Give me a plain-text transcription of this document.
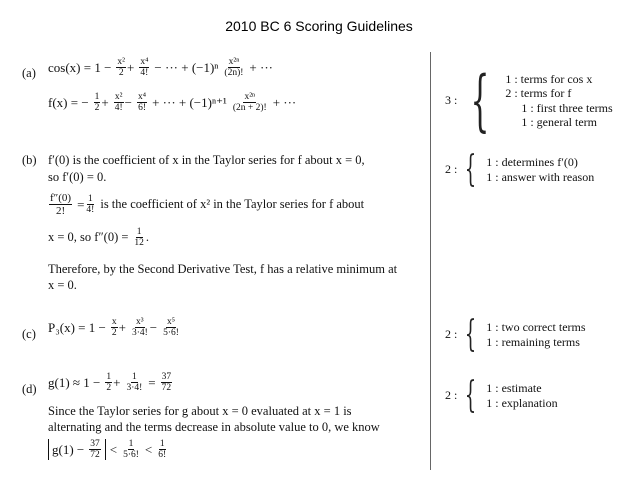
2010 BC 6 Scoring Guidelines
(a) $\cos(x) = 1 - \frac{\text{x²}}{2} + \frac{\text{x⁴}}{4!}$ − ··· + $(-1)^n \frac{\text{x²ⁿ}}{(2n)!}$ + ···
f(x) = − $\frac{1}{2} + \frac{\text{x²}}{4!} - \frac{\text{x⁴}}{6!}$ + ··· + $(-1)^{n+1} \frac{\text{x²ⁿ}}{(2n + 2)!}$ + ···
(b) f′(0) is the coefficient of x in the Taylor series for f about x = 0,
so f′(0) = 0.
$\frac{f''(0)}{2!} = \frac{1}{4!}$ is the coefficient of x² in the Taylor series for f about
x = 0, so $f''(0) = \frac{1}{12}$ .
Therefore, by the Second Derivative Test, f has a relative minimum at
x = 0.
(c) $P_3(x) = 1 - \frac{x}{2} + \frac{\text{x³}}{3\cdot 4!} - \frac{\text{x⁵}}{5\cdot 6!}$
(d) $g(1) \approx 1 - \frac{1}{2} + \frac{1}{3\cdot 4!} = \frac{37}{72}$
Since the Taylor series for g about x = 0 evaluated at x = 1 is
alternating and the terms decrease in absolute value to 0, we know
$g(1) - \frac{37}{72} < \frac{1}{5\cdot 6!} < \frac{1}{6!}$
3 : { 1 : terms for cos x
2 : terms for f
1 : first three terms
1 : general term
2 : { 1 : determines f′(0)
1 : answer with reason
2 : { 1 : two correct terms
1 : remaining terms
2 : { 1 : estimate
1 : explanation
